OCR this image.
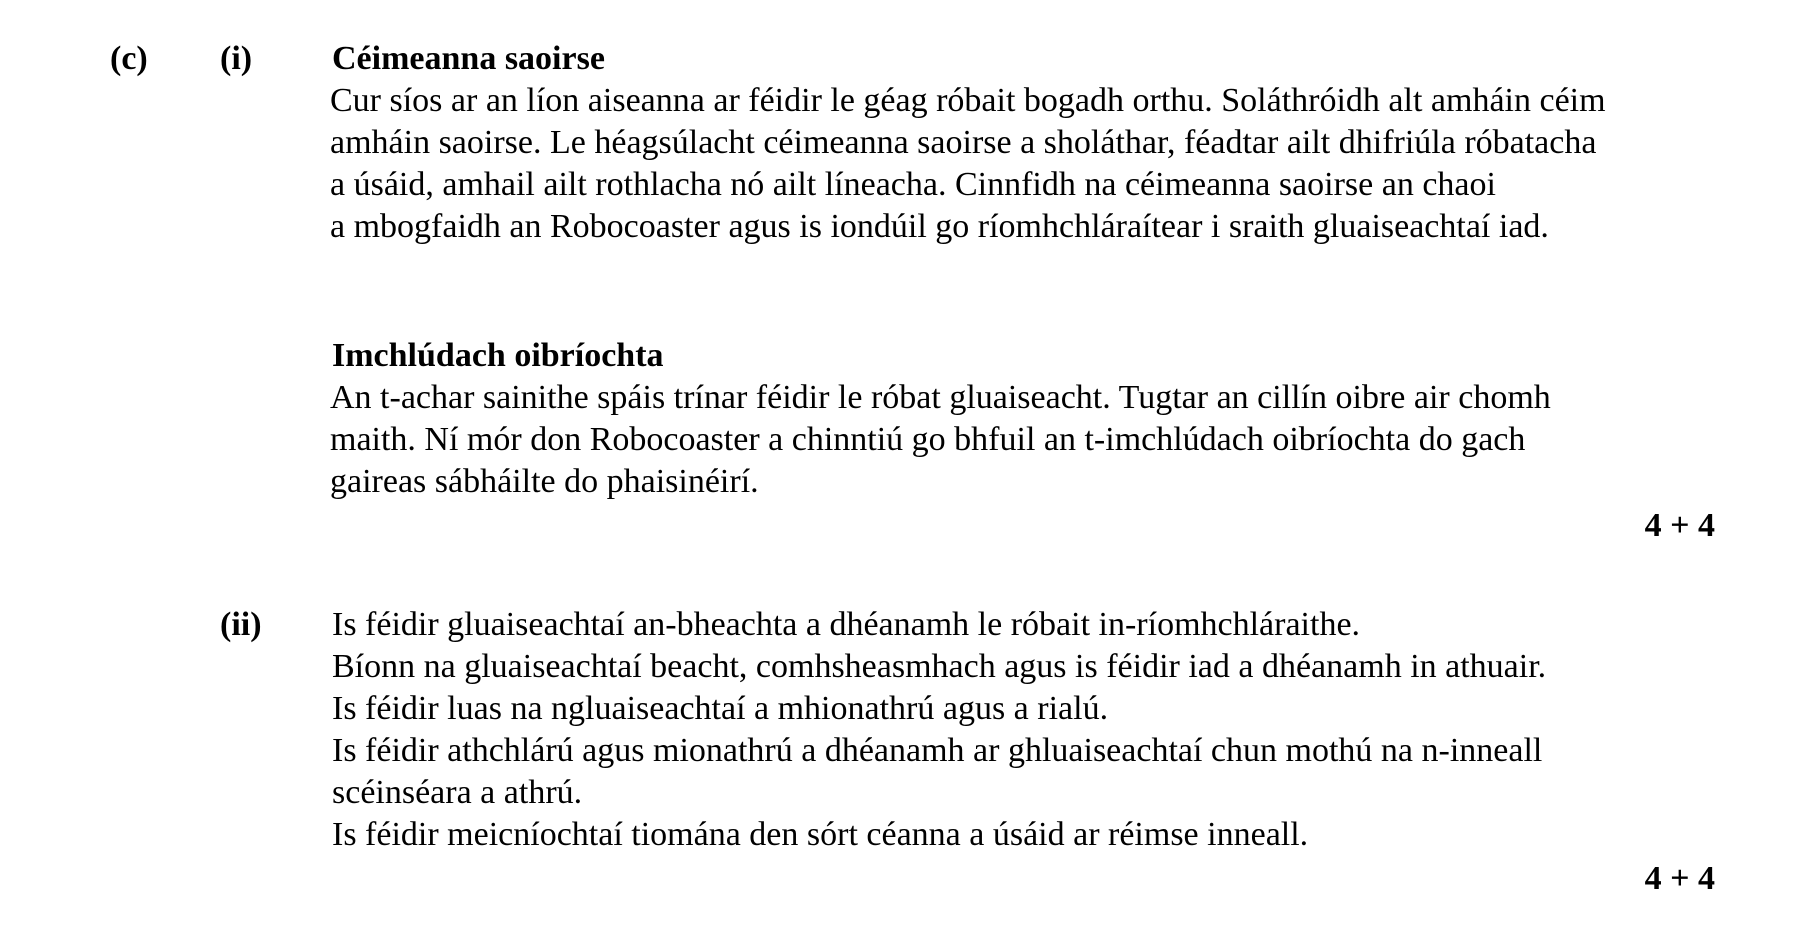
(c) (i) Céimeanna saoirse
Cur síos ar an líon aiseanna ar féidir le géag róbait bogadh orthu. Soláthróidh alt amháin céim
amháin saoirse. Le héagsúlacht céimeanna saoirse a sholáthar, féadtar ailt dhifriúla róbatacha
a úsáid, amhail ailt rothlacha nó ailt líneacha. Cinnfidh na céimeanna saoirse an chaoi
a mbogfaidh an Robocoaster agus is iondúil go ríomhchláraítear i sraith gluaiseachtaí iad.
Imchlúdach oibríochta
An t-achar sainithe spáis trínar féidir le róbat gluaiseacht. Tugtar an cillín oibre air chomh
maith. Ní mór don Robocoaster a chinntiú go bhfuil an t-imchlúdach oibríochta do gach
gaireas sábháilte do phaisinéirí.
4 + 4
(ii) Is féidir gluaiseachtaí an-bheachta a dhéanamh le róbait in-ríomhchláraithe.
Bíonn na gluaiseachtaí beacht, comhsheasmhach agus is féidir iad a dhéanamh in athuair.
Is féidir luas na ngluaiseachtaí a mhionathrú agus a rialú.
Is féidir athchlárú agus mionathrú a dhéanamh ar ghluaiseachtaí chun mothú na n-inneall
scéinséara a athrú.
Is féidir meicníochtaí tiomána den sórt céanna a úsáid ar réimse inneall.
4 + 4
